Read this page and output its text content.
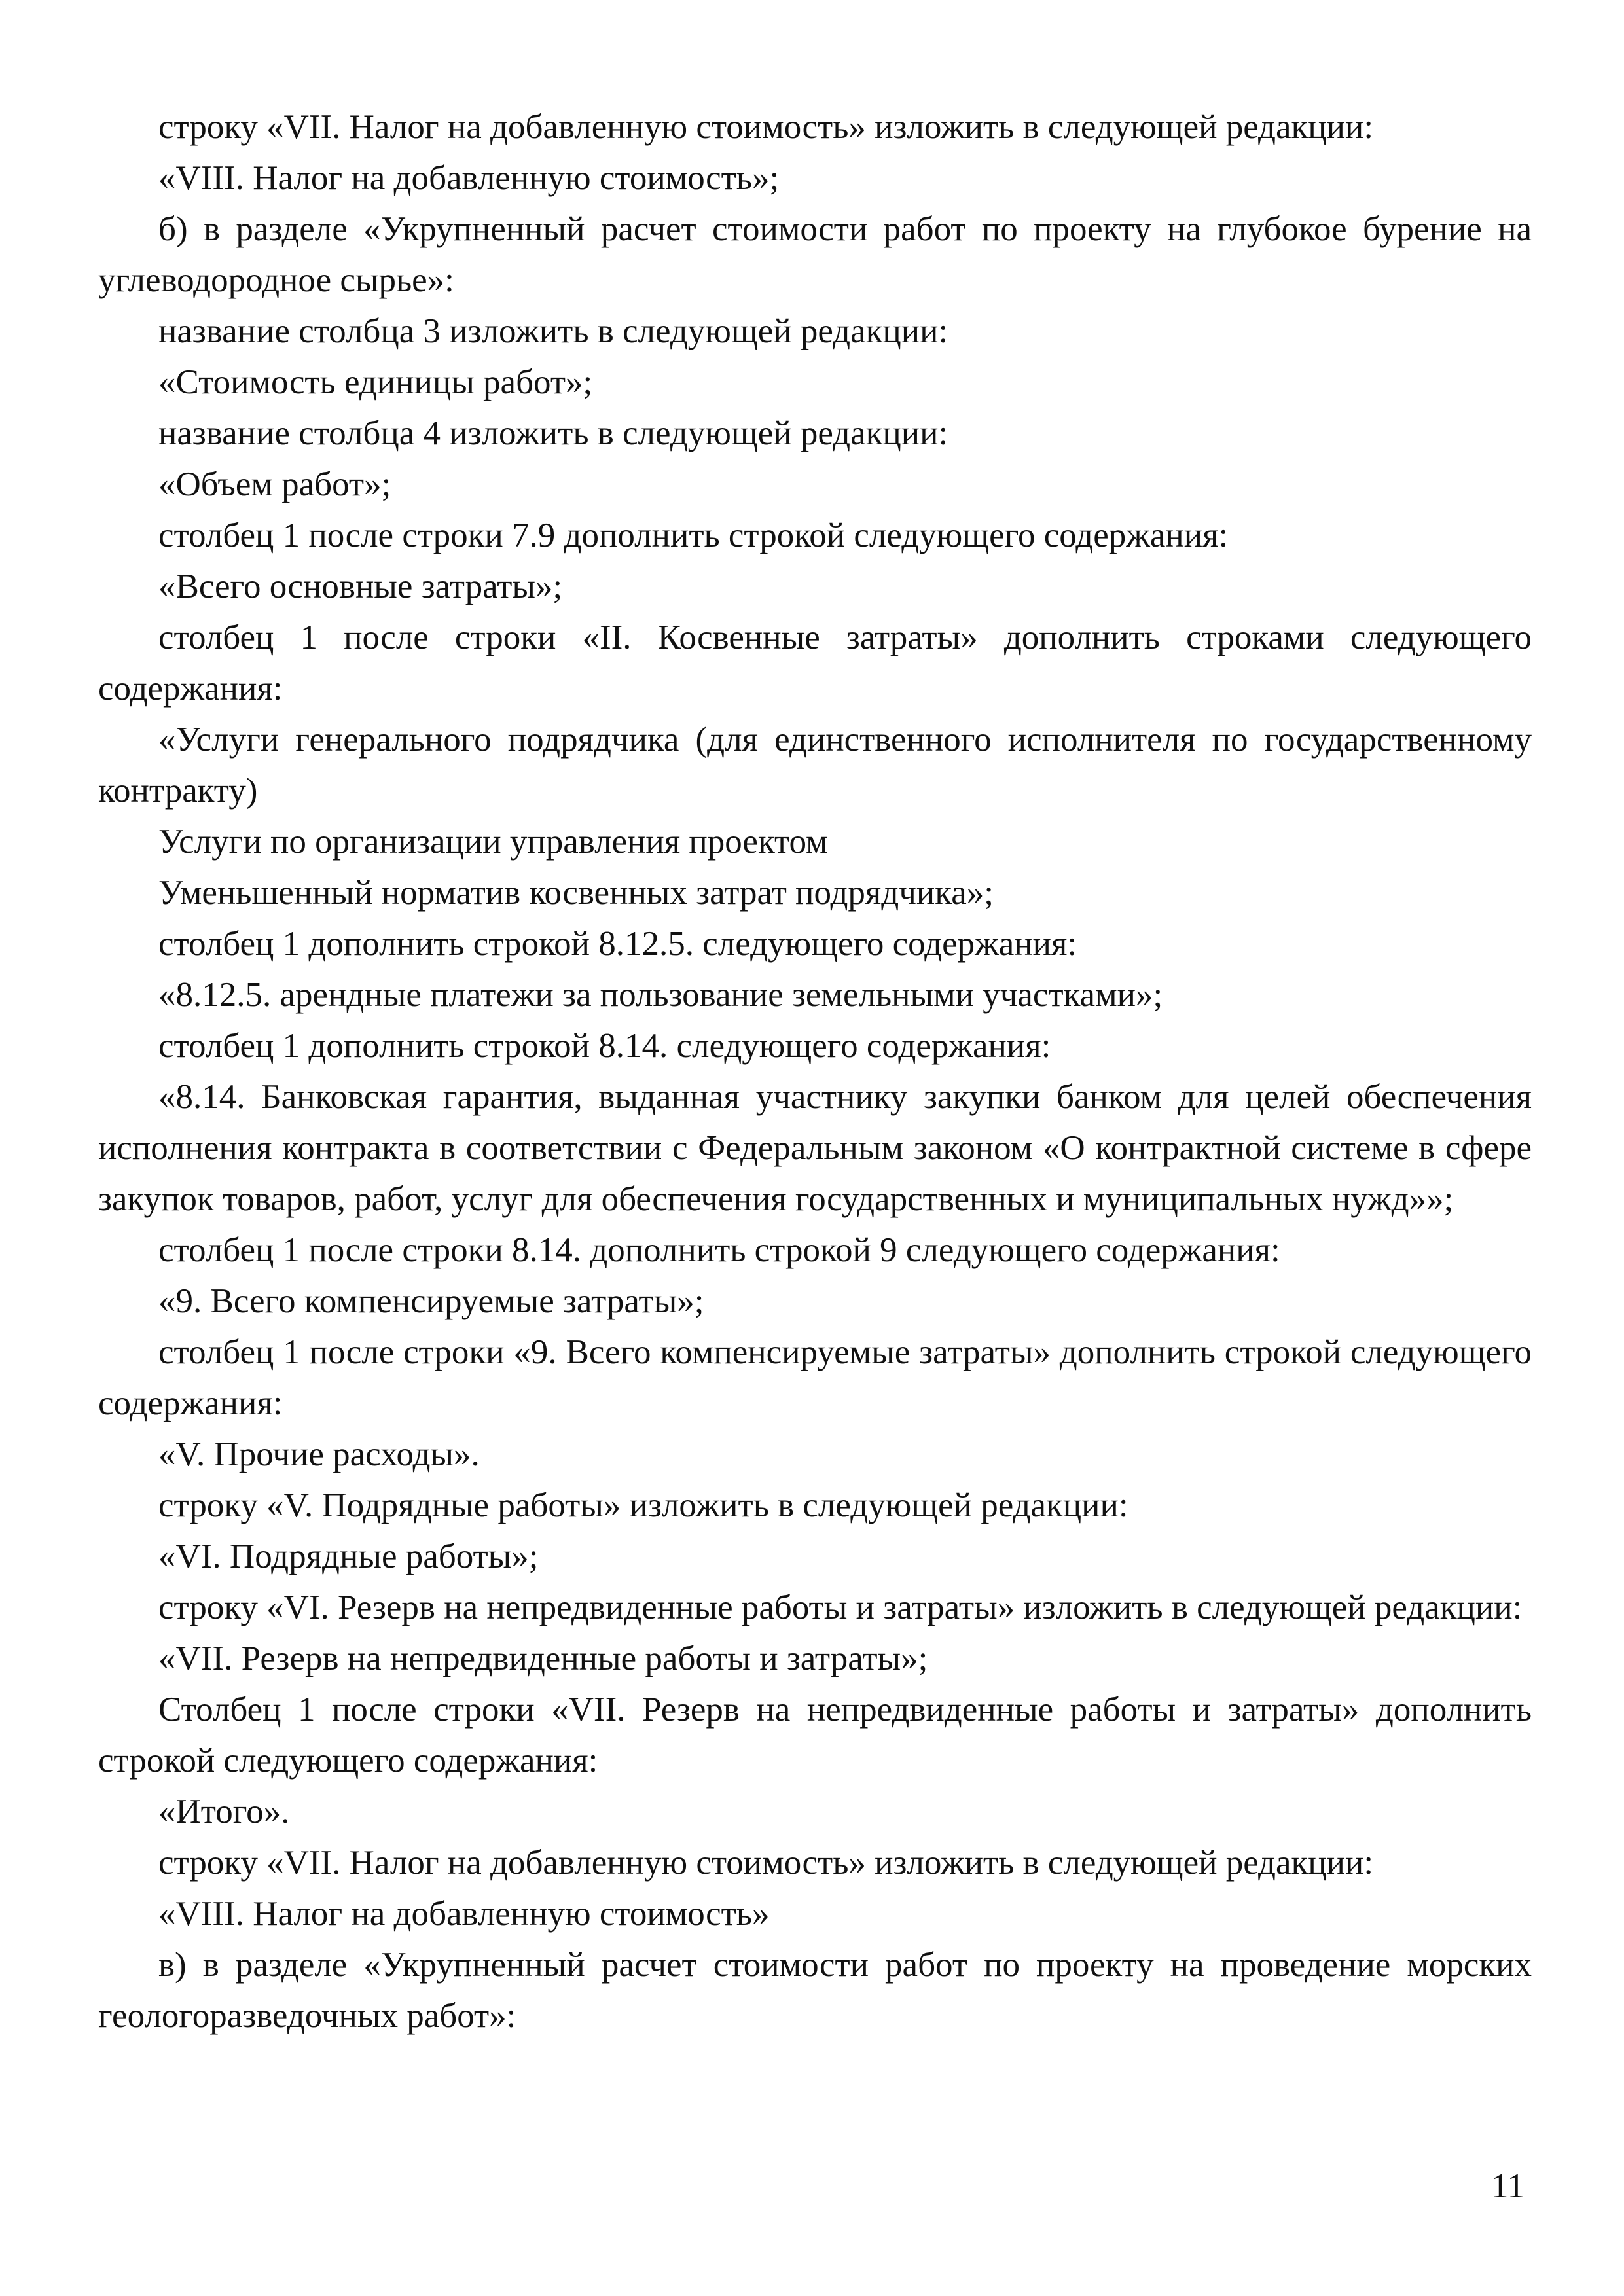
строку «VII. Налог на добавленную стоимость» изложить в следующей редакции:

«VIII. Налог на добавленную стоимость»;

б) в разделе «Укрупненный расчет стоимости работ по проекту на глубокое бурение на углеводородное сырье»:

название столбца 3 изложить в следующей редакции:

«Стоимость единицы работ»;

название столбца 4 изложить в следующей редакции:

«Объем работ»;

столбец 1 после строки 7.9 дополнить строкой следующего содержания:

«Всего основные затраты»;

столбец 1 после строки «II. Косвенные затраты» дополнить строками следующего содержания:

«Услуги генерального подрядчика (для единственного исполнителя по государственному контракту)

Услуги по организации управления проектом

Уменьшенный норматив косвенных затрат подрядчика»;

столбец 1 дополнить строкой 8.12.5. следующего содержания:

«8.12.5. арендные платежи за пользование земельными участками»;

столбец 1 дополнить строкой 8.14. следующего содержания:

«8.14. Банковская гарантия, выданная участнику закупки банком для целей обеспечения исполнения контракта в соответствии с Федеральным законом «О контрактной системе в сфере закупок товаров, работ, услуг для обеспечения государственных и муниципальных нужд»»;

столбец 1 после строки 8.14. дополнить строкой 9 следующего содержания:

«9. Всего компенсируемые затраты»;

столбец 1 после строки «9. Всего компенсируемые затраты» дополнить строкой следующего содержания:

«V. Прочие расходы».

строку «V. Подрядные работы» изложить в следующей редакции:

«VI. Подрядные работы»;

строку «VI. Резерв на непредвиденные работы и затраты» изложить в следующей редакции:

«VII. Резерв на непредвиденные работы и затраты»;

Столбец 1 после строки «VII. Резерв на непредвиденные работы и затраты» дополнить строкой следующего содержания:

«Итого».

строку «VII. Налог на добавленную стоимость» изложить в следующей редакции:

«VIII. Налог на добавленную стоимость»

в) в разделе «Укрупненный расчет стоимости работ по проекту на проведение морских геологоразведочных работ»:

11
